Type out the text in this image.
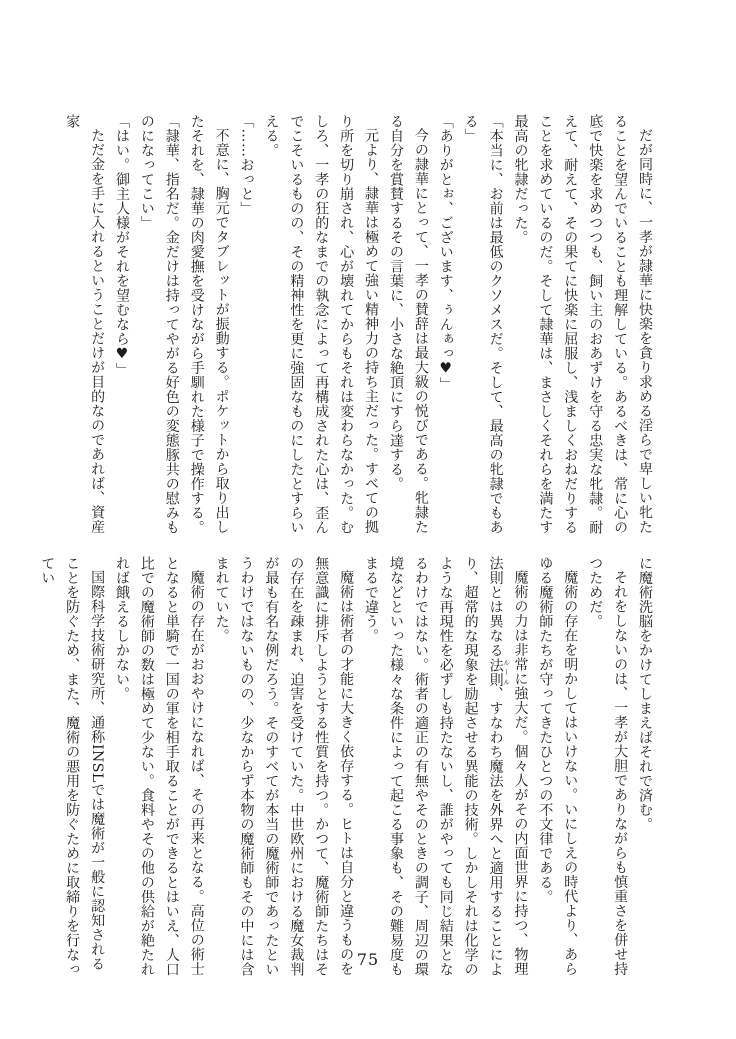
だが同時に、一孝が隷華に快楽を貪り求める淫らで卑しい牝たることを望んでいることも理解している。あるべきは、常に心の底で快楽を求めつつも、飼い主のおあずけを守る忠実な牝隷。耐えて、耐えて、その果てに快楽に屈服し、浅ましくおねだりすることを求めているのだ。そして隷華は、まさしくそれらを満たす最高の牝隷だった。

「本当に、お前は最低のクソメスだ。そして、最高の牝隷でもある」

「ありがとぉ、ございます、ぅんぁっ♥」

今の隷華にとって、一孝の賛辞は最大級の悦びである。牝隷たる自分を賞賛するその言葉に、小さな絶頂にすら達する。

元より、隷華は極めて強い精神力の持ち主だった。すべての拠り所を切り崩され、心が壊れてからもそれは変わらなかった。むしろ、一孝の狂的なまでの執念によって再構成された心は、歪んでこそいるものの、その精神性を更に強固なものにしたとすらいえる。

「……おっと」

不意に、胸元でタブレットが振動する。ポケットから取り出したそれを、隷華の肉愛撫を受けながら手馴れた様子で操作する。

「隷華、指名だ。金だけは持ってやがる好色の変態豚共の慰みものになってこい」

「はい。御主人様がそれを望むなら♥」

ただ金を手に入れるということだけが目的なのであれば、資産家

に魔術洗脳をかけてしまえばそれで済む。

それをしないのは、一孝が大胆でありながらも慎重さを併せ持つためだ。

魔術の存在を明かしてはいけない。いにしえの時代より、あらゆる魔術師たちが守ってきたひとつの不文律である。

魔術の力は非常に強大だ。個々人がその内面世界に持つ、物理法則とは異なる法則 ルール、すなわち魔法を外界へと適用することにより、超常的な現象を励起させる異能の技術。しかしそれは化学のような再現性を必ずしも持たないし、誰がやっても同じ結果となるわけではない。術者の適正の有無やそのときの調子、周辺の環境などといった様々な条件によって起こる事象も、その難易度もまるで違う。

魔術は術者の才能に大きく依存する。ヒトは自分と違うものを無意識に排斥しようとする性質を持つ。かつて、魔術師たちはその存在を疎まれ、迫害を受けていた。中世欧州における魔女裁判が最も有名な例だろう。そのすべてが本当の魔術師であったというわけではないものの、少なからず本物の魔術師もその中には含まれていた。

魔術の存在がおおやけになれば、その再来となる。高位の術士となると単騎で一国の軍を相手取ることができるとはいえ、人口比での魔術師の数は極めて少ない。食料やその他の供給が絶たれれば餓えるしかない。

国際科学技術研究所、通称INSLでは魔術が一般に認知されることを防ぐため、また、魔術の悪用を防ぐために取締りを行なってい

75
